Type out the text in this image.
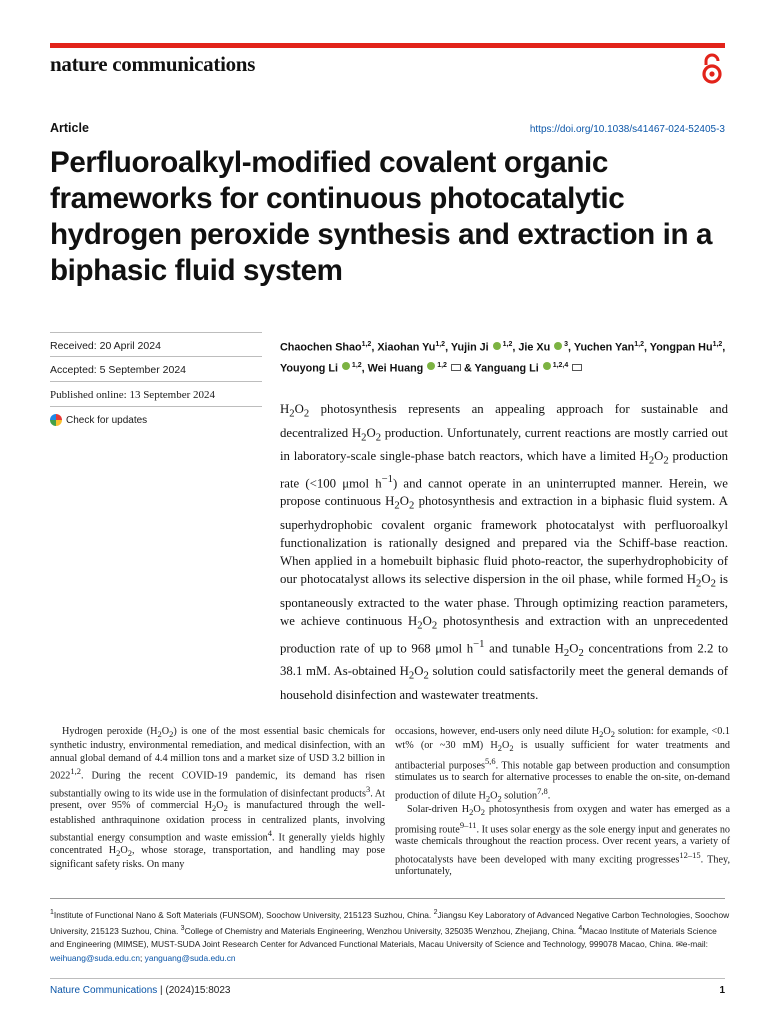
nature communications
Article	https://doi.org/10.1038/s41467-024-52405-3
Perfluoroalkyl-modified covalent organic frameworks for continuous photocatalytic hydrogen peroxide synthesis and extraction in a biphasic fluid system
Received: 20 April 2024
Accepted: 5 September 2024
Published online: 13 September 2024
Check for updates
Chaochen Shao$^{1,2}$, Xiaohan Yu$^{1,2}$, Yujin Ji  $^{1,2}$, Jie Xu  $^3$, Yuchen Yan$^{1,2}$, Yongpan Hu$^{1,2}$, Youyong Li  $^{1,2}$, Wei Huang  $^{1,2}$  & Yanguang Li  $^{1,2,4}$
$H_2O_2$ photosynthesis represents an appealing approach for sustainable and decentralized $H_2O_2$ production. Unfortunately, current reactions are mostly carried out in laboratory-scale single-phase batch reactors, which have a limited $H_2O_2$ production rate (<100 μmol $h^{-1}$) and cannot operate in an uninterrupted manner. Herein, we propose continuous $H_2O_2$ photosynthesis and extraction in a biphasic fluid system. A superhydrophobic covalent organic framework photocatalyst with perfluoroalkyl functionalization is rationally designed and prepared via the Schiff-base reaction. When applied in a homebuilt biphasic fluid photo-reactor, the superhydrophobicity of our photocatalyst allows its selective dispersion in the oil phase, while formed $H_2O_2$ is spontaneously extracted to the water phase. Through optimizing reaction parameters, we achieve continuous $H_2O_2$ photosynthesis and extraction with an unprecedented production rate of up to 968 μmol $h^{-1}$ and tunable $H_2O_2$ concentrations from 2.2 to 38.1 mM. As-obtained $H_2O_2$ solution could satisfactorily meet the general demands of household disinfection and wastewater treatments.

Hydrogen peroxide $(H_2O_2)$ is one of the most essential basic chemicals for synthetic industry, environmental remediation, and medical disinfection, with an annual global demand of 4.4 million tons and a market size of USD 3.2 billion in 2022$^{1,2}$. During the recent COVID-19 pandemic, its demand has risen substantially owing to its wide use in the formulation of disinfectant products$^3$. At present, over 95% of commercial $H_2O_2$ is manufactured through the well-established anthraquinone oxidation process in centralized plants, involving substantial energy consumption and waste emission$^4$. It generally yields highly concentrated $H_2O_2$, whose storage, transportation, and handling may pose significant safety risks. On many

occasions, however, end-users only need dilute $H_2O_2$ solution: for example, <0.1 wt% (or ~30 mM) $H_2O_2$ is usually sufficient for water treatments and antibacterial purposes$^{5,6}$. This notable gap between production and consumption stimulates us to search for alternative processes to enable the on-site, on-demand production of dilute $H_2O_2$ solution$^{7,8}$.

Solar-driven $H_2O_2$ photosynthesis from oxygen and water has emerged as a promising route$^{9-11}$. It uses solar energy as the sole energy input and generates no waste chemicals throughout the reaction process. Over recent years, a variety of photocatalysts have been developed with many exciting progresses$^{12-15}$. They, unfortunately,

$^1$Institute of Functional Nano & Soft Materials (FUNSOM), Soochow University, 215123 Suzhou, China. $^2$Jiangsu Key Laboratory of Advanced Negative Carbon Technologies, Soochow University, 215123 Suzhou, China. $^3$College of Chemistry and Materials Engineering, Wenzhou University, 325035 Wenzhou, Zhejiang, China. $^4$Macao Institute of Materials Science and Engineering (MIMSE), MUST-SUDA Joint Research Center for Advanced Functional Materials, Macau University of Science and Technology, 999078 Macao, China. ✉e-mail: weihuang@suda.edu.cn; yanguang@suda.edu.cn
Nature Communications | (2024)15:8023	1
